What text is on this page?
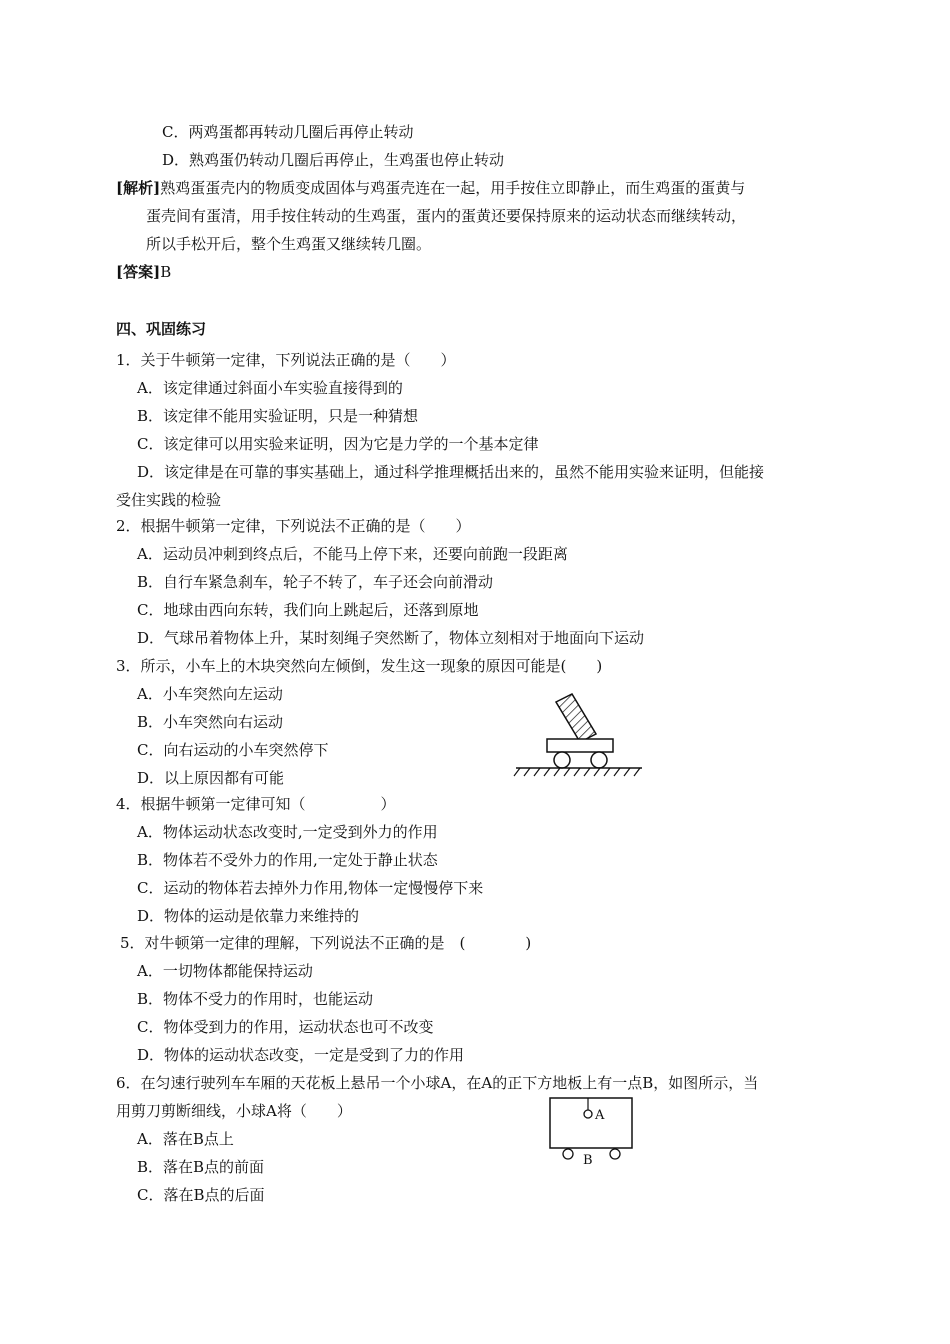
C．两鸡蛋都再转动几圈后再停止转动
D．熟鸡蛋仍转动几圈后再停止，生鸡蛋也停止转动
[解析]熟鸡蛋蛋壳内的物质变成固体与鸡蛋壳连在一起，用手按住立即静止，而生鸡蛋的蛋黄与
蛋壳间有蛋清，用手按住转动的生鸡蛋，蛋内的蛋黄还要保持原来的运动状态而继续转动，
所以手松开后，整个生鸡蛋又继续转几圈。
[答案]B
四、巩固练习
1．关于牛顿第一定律，下列说法正确的是（　　）
A．该定律通过斜面小车实验直接得到的
B．该定律不能用实验证明，只是一种猜想
C．该定律可以用实验来证明，因为它是力学的一个基本定律
D．该定律是在可靠的事实基础上，通过科学推理概括出来的，虽然不能用实验来证明，但能接
受住实践的检验
2．根据牛顿第一定律，下列说法不正确的是（　　）
A．运动员冲刺到终点后，不能马上停下来，还要向前跑一段距离
B．自行车紧急刹车，轮子不转了，车子还会向前滑动
C．地球由西向东转，我们向上跳起后，还落到原地
D．气球吊着物体上升，某时刻绳子突然断了，物体立刻相对于地面向下运动
3．所示，小车上的木块突然向左倾倒，发生这一现象的原因可能是(　　)
A．小车突然向左运动
B．小车突然向右运动
C．向右运动的小车突然停下
D．以上原因都有可能
4．根据牛顿第一定律可知（　　　　　）
A．物体运动状态改变时,一定受到外力的作用
B．物体若不受外力的作用,一定处于静止状态
C．运动的物体若去掉外力作用,物体一定慢慢停下来
D．物体的运动是依靠力来维持的
5．对牛顿第一定律的理解，下列说法不正确的是　(　　　　)
A．一切物体都能保持运动
B．物体不受力的作用时，也能运动
C．物体受到力的作用，运动状态也可不改变
D．物体的运动状态改变，一定是受到了力的作用
6．在匀速行驶列车车厢的天花板上悬吊一个小球A，在A的正下方地板上有一点B，如图所示，当
用剪刀剪断细线，小球A将（　　）
A．落在B点上
B．落在B点的前面
C．落在B点的后面
A
B
